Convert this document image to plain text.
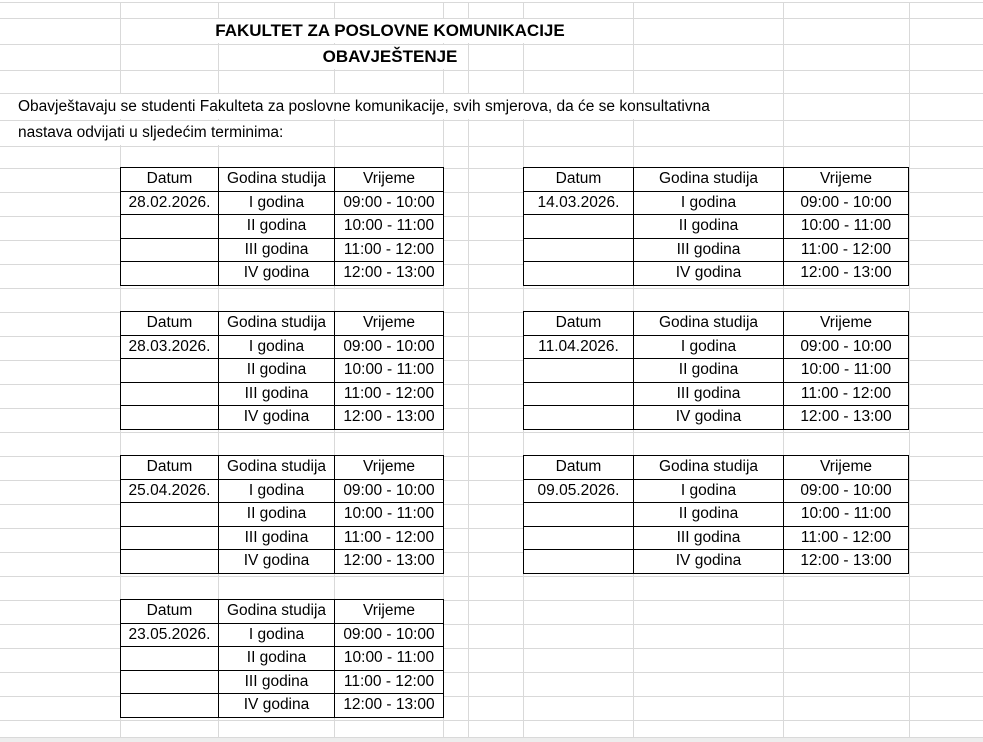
FAKULTET ZA POSLOVNE KOMUNIKACIJE
OBAVJEŠTENJE
Obavještavaju se studenti Fakulteta za poslovne komunikacije, svih smjerova, da će se konsultativna
nastava odvijati u sljedećim terminima:
Datum	Godina studija	Vrijeme
28.02.2026.	I godina	09:00 - 10:00
	II godina	10:00 - 11:00
	III godina	11:00 - 12:00
	IV godina	12:00 - 13:00
Datum	Godina studija	Vrijeme
14.03.2026.	I godina	09:00 - 10:00
	II godina	10:00 - 11:00
	III godina	11:00 - 12:00
	IV godina	12:00 - 13:00
Datum	Godina studija	Vrijeme
28.03.2026.	I godina	09:00 - 10:00
	II godina	10:00 - 11:00
	III godina	11:00 - 12:00
	IV godina	12:00 - 13:00
Datum	Godina studija	Vrijeme
11.04.2026.	I godina	09:00 - 10:00
	II godina	10:00 - 11:00
	III godina	11:00 - 12:00
	IV godina	12:00 - 13:00
Datum	Godina studija	Vrijeme
25.04.2026.	I godina	09:00 - 10:00
	II godina	10:00 - 11:00
	III godina	11:00 - 12:00
	IV godina	12:00 - 13:00
Datum	Godina studija	Vrijeme
09.05.2026.	I godina	09:00 - 10:00
	II godina	10:00 - 11:00
	III godina	11:00 - 12:00
	IV godina	12:00 - 13:00
Datum	Godina studija	Vrijeme
23.05.2026.	I godina	09:00 - 10:00
	II godina	10:00 - 11:00
	III godina	11:00 - 12:00
	IV godina	12:00 - 13:00
